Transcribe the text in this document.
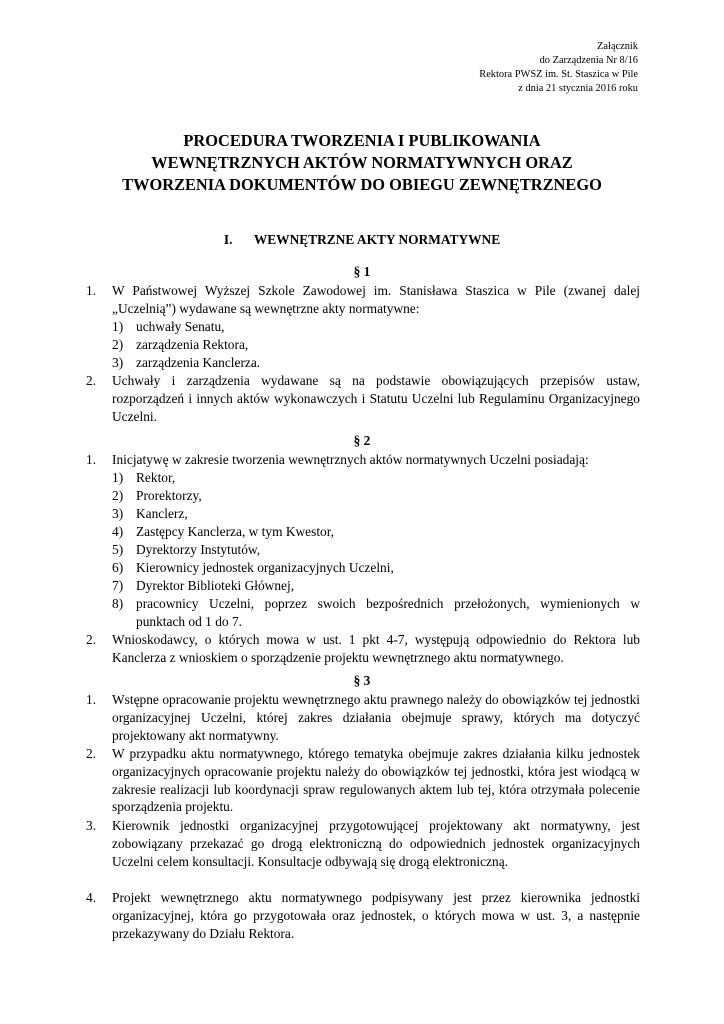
Załącznik
do Zarządzenia Nr 8/16
Rektora PWSZ im. St. Staszica w Pile
z dnia 21 stycznia 2016 roku
PROCEDURA TWORZENIA I PUBLIKOWANIA
WEWNĘTRZNYCH AKTÓW NORMATYWNYCH ORAZ
TWORZENIA DOKUMENTÓW DO OBIEGU ZEWNĘTRZNEGO
I. WEWNĘTRZNE AKTY NORMATYWNE
§ 1
1. W Państwowej Wyższej Szkole Zawodowej im. Stanisława Staszica w Pile (zwanej dalej „Uczelnią”) wydawane są wewnętrzne akty normatywne:
1) uchwały Senatu,
2) zarządzenia Rektora,
3) zarządzenia Kanclerza.
2. Uchwały i zarządzenia wydawane są na podstawie obowiązujących przepisów ustaw, rozporządzeń i innych aktów wykonawczych i Statutu Uczelni lub Regulaminu Organizacyjnego Uczelni.
§ 2
1. Inicjatywę w zakresie tworzenia wewnętrznych aktów normatywnych Uczelni posiadają:
1) Rektor,
2) Prorektorzy,
3) Kanclerz,
4) Zastępcy Kanclerza, w tym Kwestor,
5) Dyrektorzy Instytutów,
6) Kierownicy jednostek organizacyjnych Uczelni,
7) Dyrektor Biblioteki Głównej,
8) pracownicy Uczelni, poprzez swoich bezpośrednich przełożonych, wymienionych w punktach od 1 do 7.
2. Wnioskodawcy, o których mowa w ust. 1 pkt 4-7, występują odpowiednio do Rektora lub Kanclerza z wnioskiem o sporządzenie projektu wewnętrznego aktu normatywnego.
§ 3
1. Wstępne opracowanie projektu wewnętrznego aktu prawnego należy do obowiązków tej jednostki organizacyjnej Uczelni, której zakres działania obejmuje sprawy, których ma dotyczyć projektowany akt normatywny.
2. W przypadku aktu normatywnego, którego tematyka obejmuje zakres działania kilku jednostek organizacyjnych opracowanie projektu należy do obowiązków tej jednostki, która jest wiodącą w zakresie realizacji lub koordynacji spraw regulowanych aktem lub tej, która otrzymała polecenie sporządzenia projektu.
3. Kierownik jednostki organizacyjnej przygotowującej projektowany akt normatywny, jest zobowiązany przekazać go drogą elektroniczną do odpowiednich jednostek organizacyjnych Uczelni celem konsultacji. Konsultacje odbywają się drogą elektroniczną.
4. Projekt wewnętrznego aktu normatywnego podpisywany jest przez kierownika jednostki organizacyjnej, która go przygotowała oraz jednostek, o których mowa w ust. 3, a następnie przekazywany do Działu Rektora.
